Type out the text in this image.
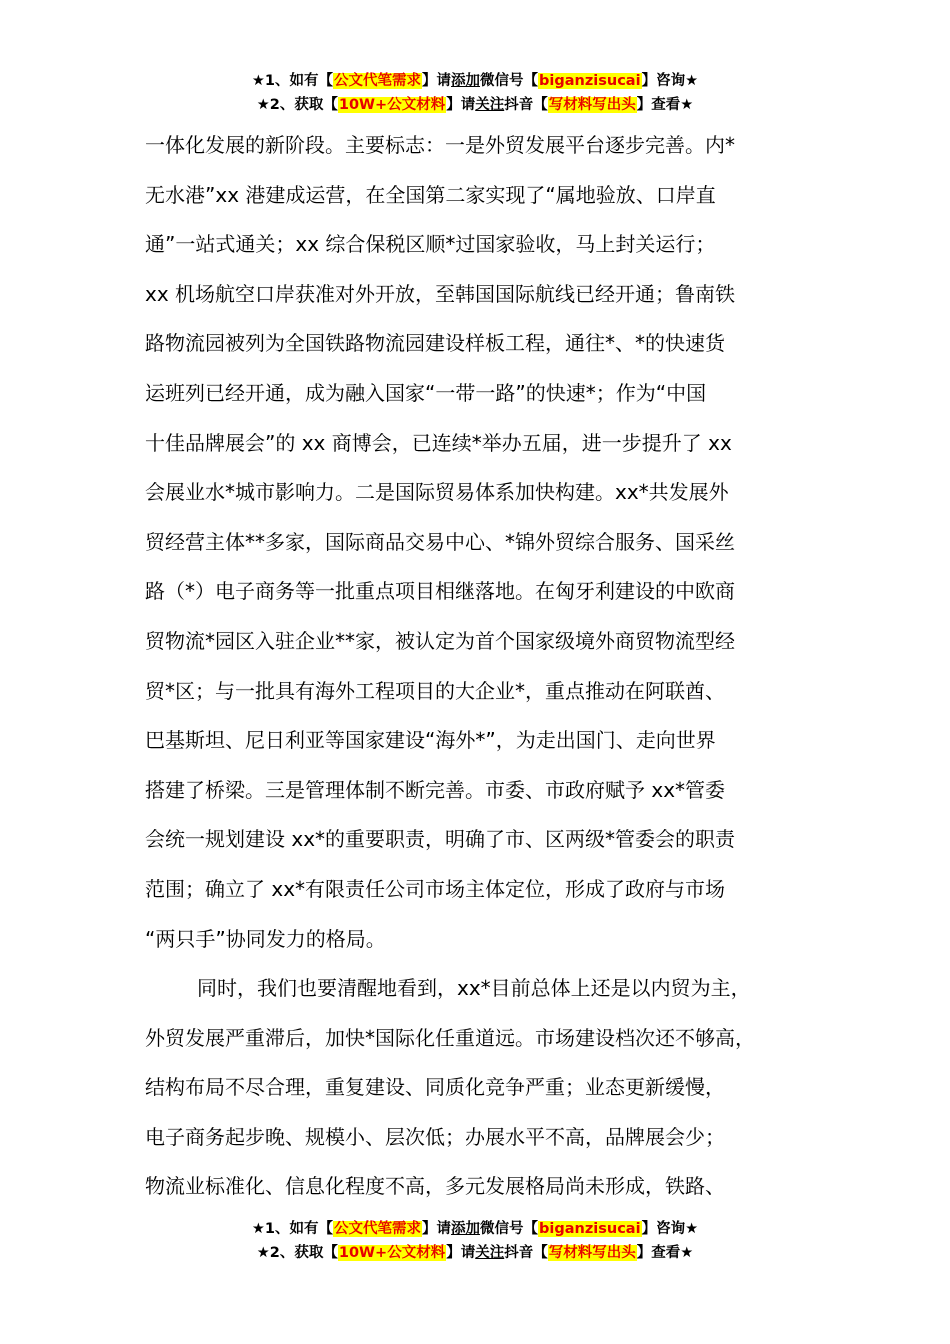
★1、如有【公文代笔需求】请添加微信号【biganzisucai】咨询★
★2、获取【10W+公文材料】请关注抖音【写材料写出头】查看★
一体化发展的新阶段。主要标志：一是外贸发展平台逐步完善。内*
无水港”xx 港建成运营，在全国第二家实现了“属地验放、口岸直
通”一站式通关；xx 综合保税区顺*过国家验收，马上封关运行；
xx 机场航空口岸获准对外开放，至韩国国际航线已经开通；鲁南铁
路物流园被列为全国铁路物流园建设样板工程，通往*、*的快速货
运班列已经开通，成为融入国家“一带一路”的快速*；作为“中国
十佳品牌展会”的 xx 商博会，已连续*举办五届，进一步提升了 xx
会展业水*城市影响力。二是国际贸易体系加快构建。xx*共发展外
贸经营主体**多家，国际商品交易中心、*锦外贸综合服务、国采丝
路（*）电子商务等一批重点项目相继落地。在匈牙利建设的中欧商
贸物流*园区入驻企业**家，被认定为首个国家级境外商贸物流型经
贸*区；与一批具有海外工程项目的大企业*，重点推动在阿联酋、
巴基斯坦、尼日利亚等国家建设“海外*”，为走出国门、走向世界
搭建了桥梁。三是管理体制不断完善。市委、市政府赋予 xx*管委
会统一规划建设 xx*的重要职责，明确了市、区两级*管委会的职责
范围；确立了 xx*有限责任公司市场主体定位，形成了政府与市场
“两只手”协同发力的格局。
同时，我们也要清醒地看到，xx*目前总体上还是以内贸为主，
外贸发展严重滞后，加快*国际化任重道远。市场建设档次还不够高，
结构布局不尽合理，重复建设、同质化竞争严重；业态更新缓慢，
电子商务起步晚、规模小、层次低；办展水平不高，品牌展会少；
物流业标准化、信息化程度不高，多元发展格局尚未形成，铁路、
★1、如有【公文代笔需求】请添加微信号【biganzisucai】咨询★
★2、获取【10W+公文材料】请关注抖音【写材料写出头】查看★
